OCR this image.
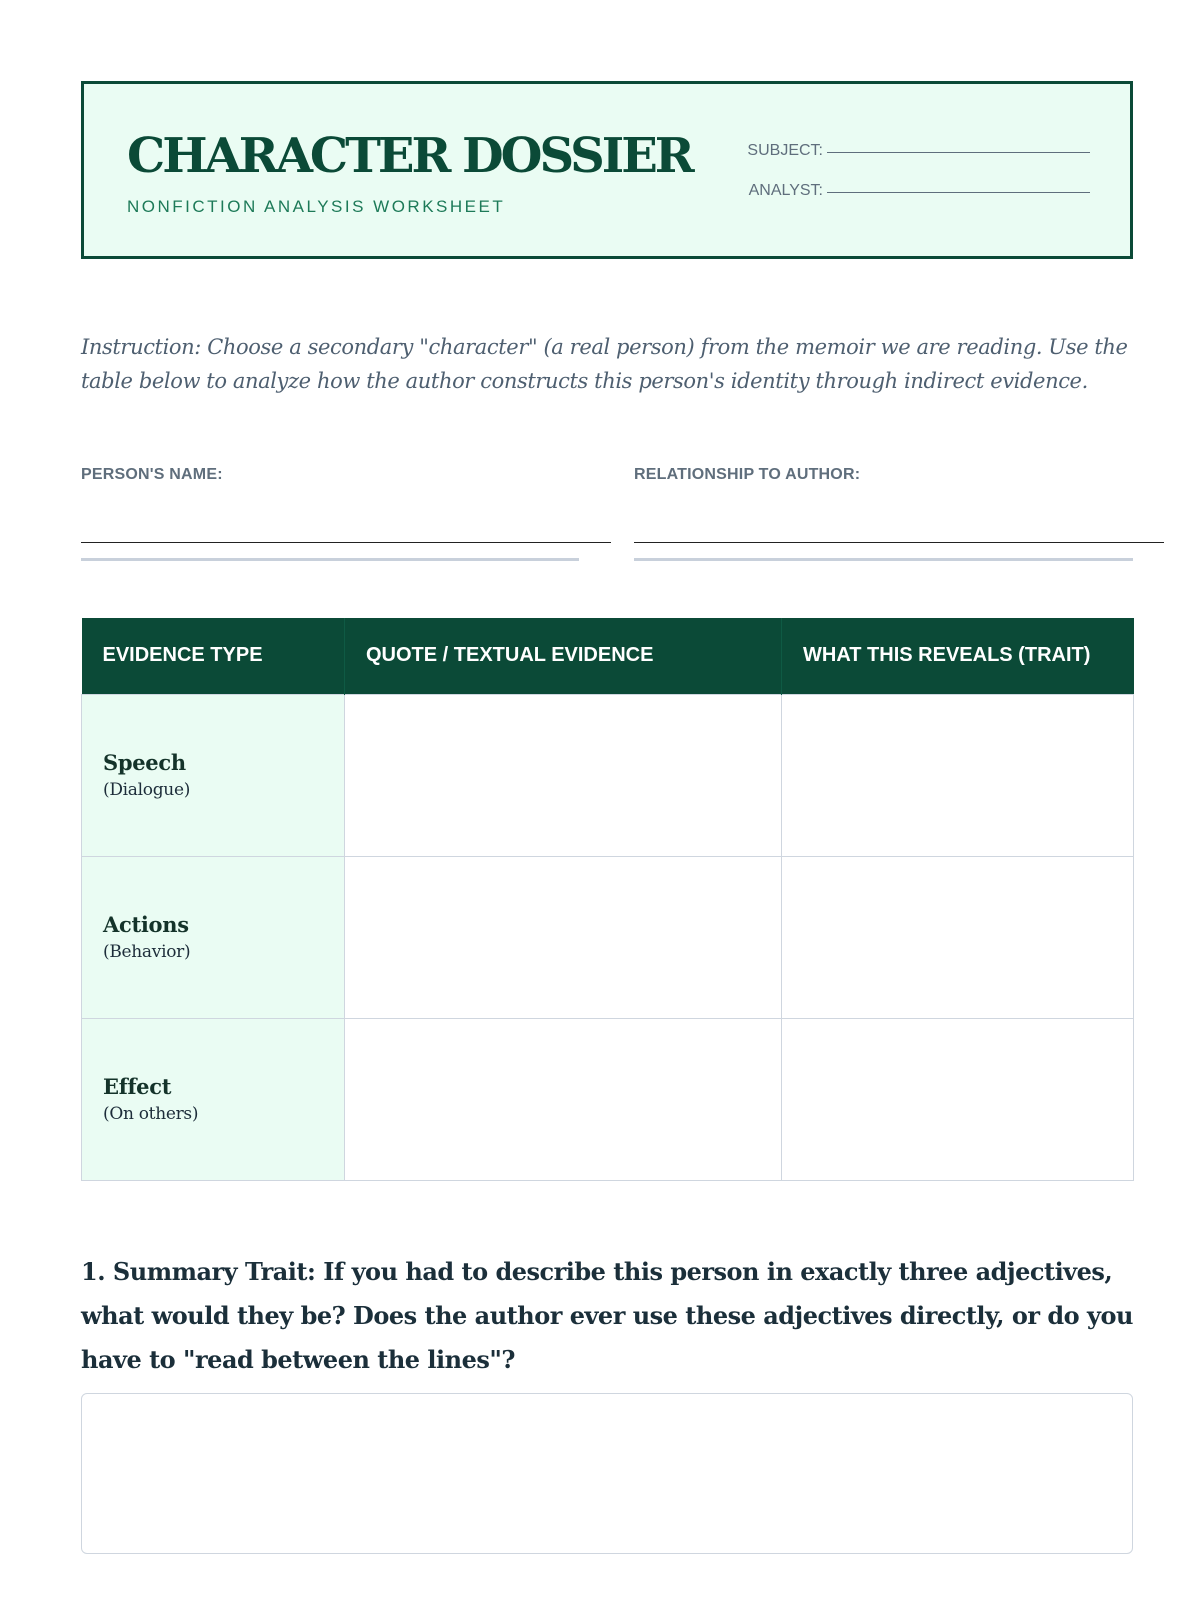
CHARACTER DOSSIER
NONFICTION ANALYSIS WORKSHEET
SUBJECT:
ANALYST:
Instruction: Choose a secondary "character" (a real person) from the memoir we are reading. Use the table below to analyze how the author constructs this person's identity through indirect evidence.
PERSON'S NAME:	RELATIONSHIP TO AUTHOR:
EVIDENCE TYPE	QUOTE / TEXTUAL EVIDENCE	WHAT THIS REVEALS (TRAIT)

Speech
(Dialogue)		

Actions
(Behavior)		

Effect
(On others)		

1. Summary Trait: If you had to describe this person in exactly three adjectives, what would they be? Does the author ever use these adjectives directly, or do you have to "read between the lines"?
